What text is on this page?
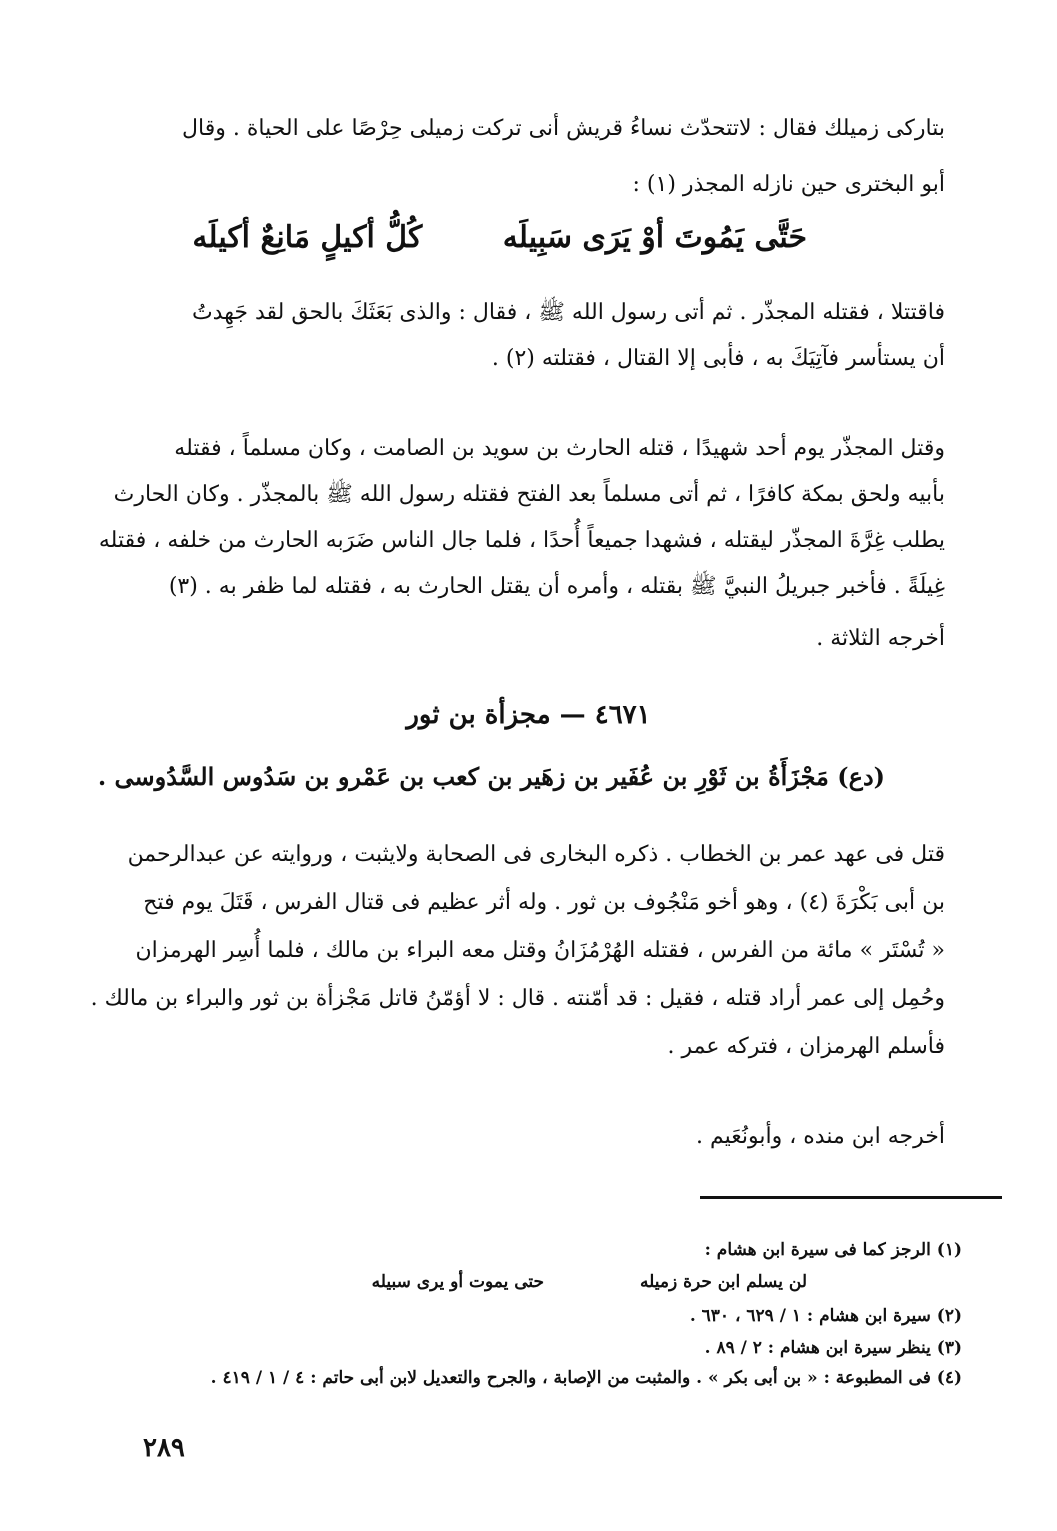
بتاركى زميلك فقال : لاتتحدّث نساءُ قريش أنى تركت زميلى حِرْصًا على الحياة . وقال
أبو البخترى حين نازله المجذر (١) :
حَتَّى يَمُوتَ أوْ يَرَى سَبِيلَه كُلُّ أكيلٍ مَانِعٌ أكيلَه
فاقتتلا ، فقتله المجذّر . ثم أتى رسول الله ﷺ ، فقال : والذى بَعَثَكَ بالحق لقد جَهِدتُ
أن يستأسر فآتِيَكَ به ، فأبى إلا القتال ، فقتلته (٢) .
وقتل المجذّر يوم أحد شهيدًا ، قتله الحارث بن سويد بن الصامت ، وكان مسلماً ، فقتله
بأبيه ولحق بمكة كافرًا ، ثم أتى مسلماً بعد الفتح فقتله رسول الله ﷺ بالمجذّر . وكان الحارث
يطلب غِرَّةَ المجذّر ليقتله ، فشهدا جميعاً أُحدًا ، فلما جال الناس ضَرَبه الحارث من خلفه ، فقتله
غِيلَةً . فأخبر جبريلُ النبيَّ ﷺ بقتله ، وأمره أن يقتل الحارث به ، فقتله لما ظفر به . (٣)
أخرجه الثلاثة .
٤٦٧١ — مجزأة بن ثور
(دع) مَجْزَأَةُ بن ثَوْرِ بن عُفَير بن زهَير بن كعب بن عَمْرو بن سَدُوس السَّدُوسى .
قتل فى عهد عمر بن الخطاب . ذكره البخارى فى الصحابة ولايثبت ، وروايته عن عبدالرحمن
بن أبى بَكْرَةَ (٤) ، وهو أخو مَنْجُوف بن ثور . وله أثر عظيم فى قتال الفرس ، قَتَلَ يوم فتح
« تُسْتَر » مائة من الفرس ، فقتله الهُرْمُزَانُ وقتل معه البراء بن مالك ، فلما أُسِر الهرمزان
وحُمِل إلى عمر أراد قتله ، فقيل : قد أمّنته . قال : لا أؤمّنُ قاتل مَجْزأة بن ثور والبراء بن مالك .
فأسلم الهرمزان ، فتركه عمر .
أخرجه ابن منده ، وأبونُعَيم .
(١) الرجز كما فى سيرة ابن هشام :
لن يسلم ابن حرة زميله حتى يموت أو يرى سبيله
(٢) سيرة ابن هشام : ١ / ٦٢٩ ، ٦٣٠ .
(٣) ينظر سيرة ابن هشام : ٢ / ٨٩ .
(٤) فى المطبوعة : « بن أبى بكر » . والمثبت من الإصابة ، والجرح والتعديل لابن أبى حاتم : ٤ / ١ / ٤١٩ .
٢٨٩
